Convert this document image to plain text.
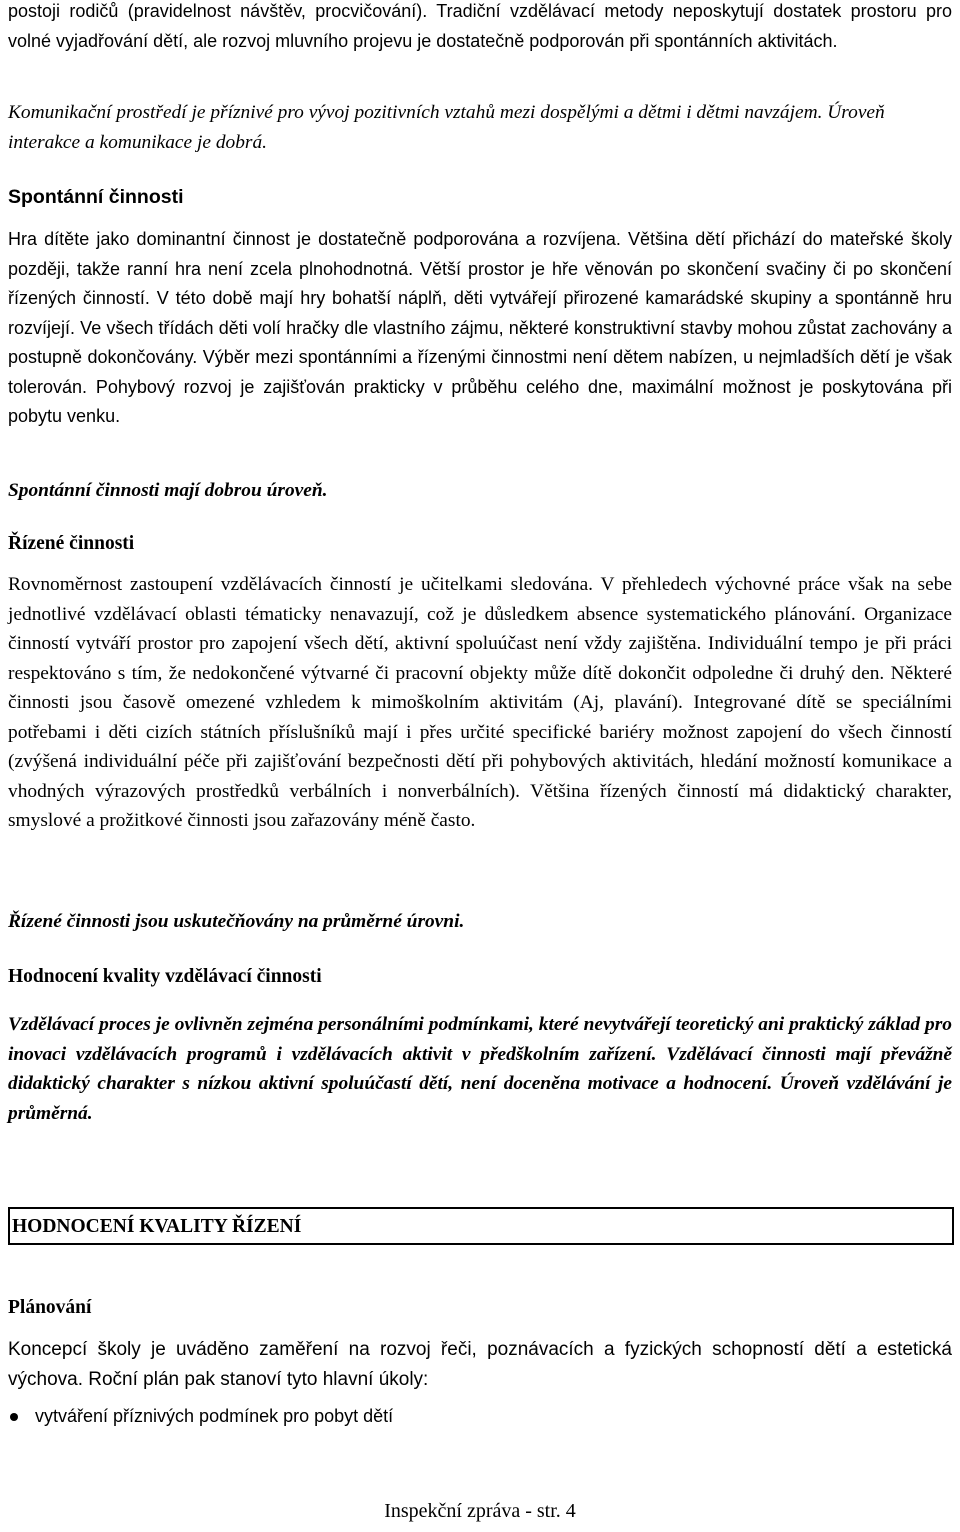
postoji rodičů (pravidelnost návštěv, procvičování). Tradiční vzdělávací metody neposkytují dostatek prostoru pro volné vyjadřování dětí, ale rozvoj mluvního projevu je dostatečně podporován při spontánních aktivitách.

Komunikační prostředí je příznivé pro vývoj pozitivních vztahů mezi dospělými a dětmi i dětmi navzájem. Úroveň interakce a komunikace je dobrá.

Spontánní činnosti

Hra dítěte jako dominantní činnost je dostatečně podporována a rozvíjena. Většina dětí přichází do mateřské školy později, takže ranní hra není zcela plnohodnotná. Větší prostor je hře věnován po skončení svačiny či po skončení řízených činností. V této době mají hry bohatší náplň, děti vytvářejí přirozené kamarádské skupiny a spontánně hru rozvíjejí. Ve všech třídách děti volí hračky dle vlastního zájmu, některé konstruktivní stavby mohou zůstat zachovány a postupně dokončovány. Výběr mezi spontánními a řízenými činnostmi není dětem nabízen, u nejmladších dětí je však tolerován. Pohybový rozvoj je zajišťován prakticky v průběhu celého dne, maximální možnost je poskytována při pobytu venku.

Spontánní činnosti mají dobrou úroveň.

Řízené činnosti

Rovnoměrnost zastoupení vzdělávacích činností je učitelkami sledována. V přehledech výchovné práce však na sebe jednotlivé vzdělávací oblasti tématicky nenavazují, což je důsledkem absence systematického plánování. Organizace činností vytváří prostor pro zapojení všech dětí, aktivní spoluúčast není vždy zajištěna. Individuální tempo je při práci respektováno s tím, že nedokončené výtvarné či pracovní objekty může dítě dokončit odpoledne či druhý den. Některé činnosti jsou časově omezené vzhledem k mimoškolním aktivitám (Aj, plavání). Integrované dítě se speciálními potřebami i děti cizích státních příslušníků mají i přes určité specifické bariéry možnost zapojení do všech činností (zvýšená individuální péče při zajišťování bezpečnosti dětí při pohybových aktivitách, hledání možností komunikace a vhodných výrazových prostředků verbálních i nonverbálních). Většina řízených činností má didaktický charakter, smyslové a prožitkové činnosti jsou zařazovány méně často.

Řízené činnosti jsou uskutečňovány na průměrné úrovni.

Hodnocení kvality vzdělávací činnosti

Vzdělávací proces je ovlivněn zejména personálními podmínkami, které nevytvářejí teoretický ani praktický základ pro inovaci vzdělávacích programů i vzdělávacích aktivit v předškolním zařízení. Vzdělávací činnosti mají převážně didaktický charakter s nízkou aktivní spoluúčastí dětí, není doceněna motivace a hodnocení. Úroveň vzdělávání je průměrná.

HODNOCENÍ KVALITY ŘÍZENÍ
Plánování

Koncepcí školy je uváděno zaměření na rozvoj řeči, poznávacích a fyzických schopností dětí a estetická výchova. Roční plán pak stanoví tyto hlavní úkoly:

vytváření příznivých podmínek pro pobyt dětí
Inspekční zpráva - str. 4
